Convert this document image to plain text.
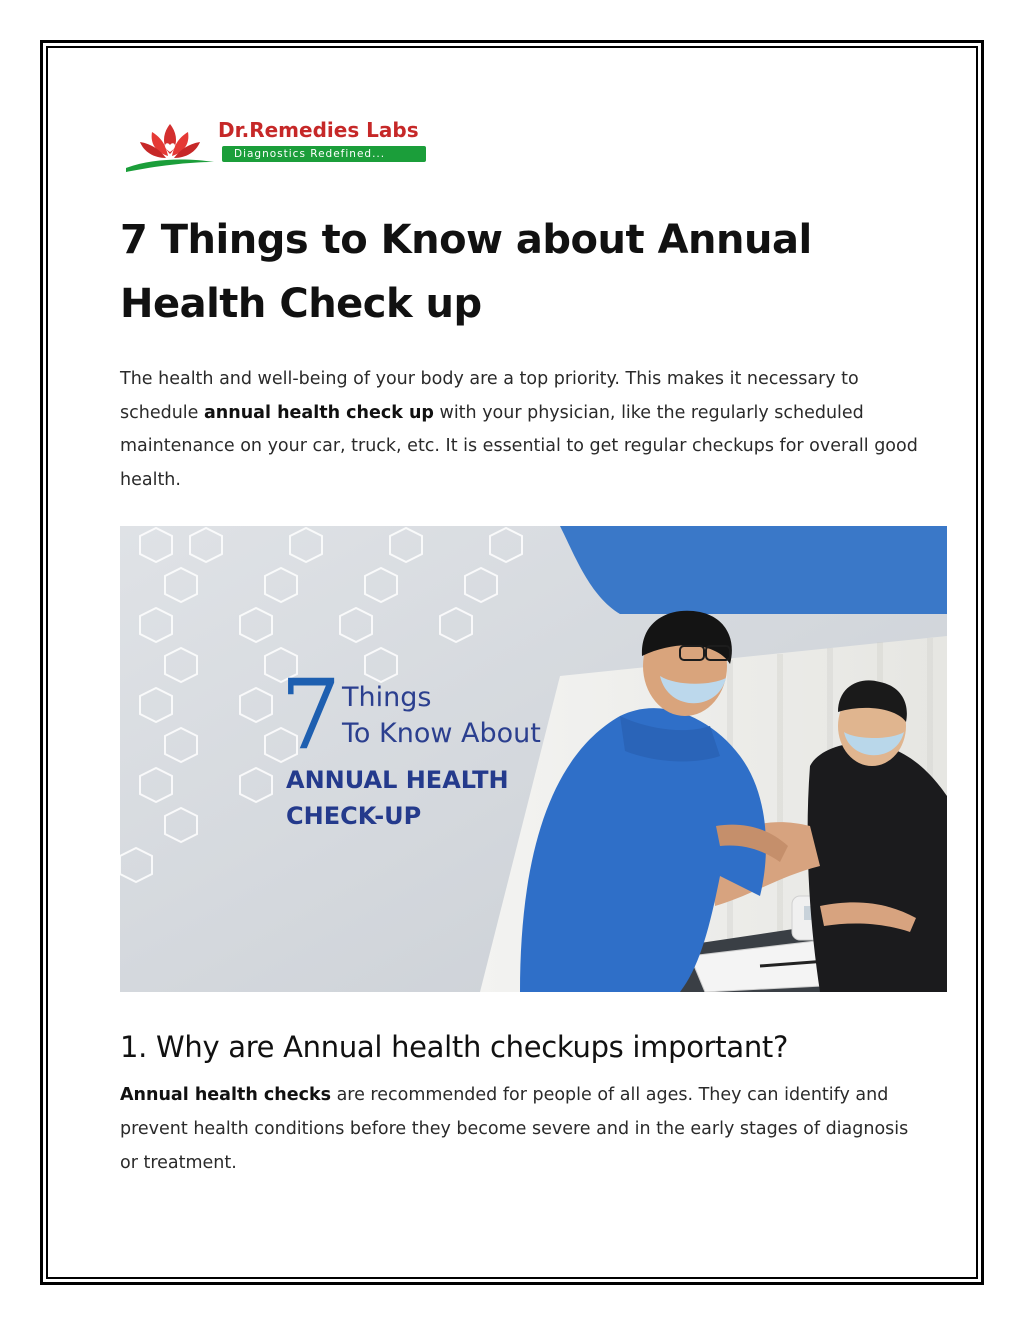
Dr.Remedies Labs
Diagnostics Redefined...
7 Things to Know about Annual Health Check up

The health and well-being of your body are a top priority. This makes it necessary to schedule annual health check up with your physician, like the regularly scheduled maintenance on your car, truck, etc. It is essential to get regular checkups for overall good health.

7 Things
To Know About
ANNUAL HEALTH
CHECK-UP
1. Why are Annual health checkups important?

Annual health checks are recommended for people of all ages. They can identify and prevent health conditions before they become severe and in the early stages of diagnosis or treatment.
